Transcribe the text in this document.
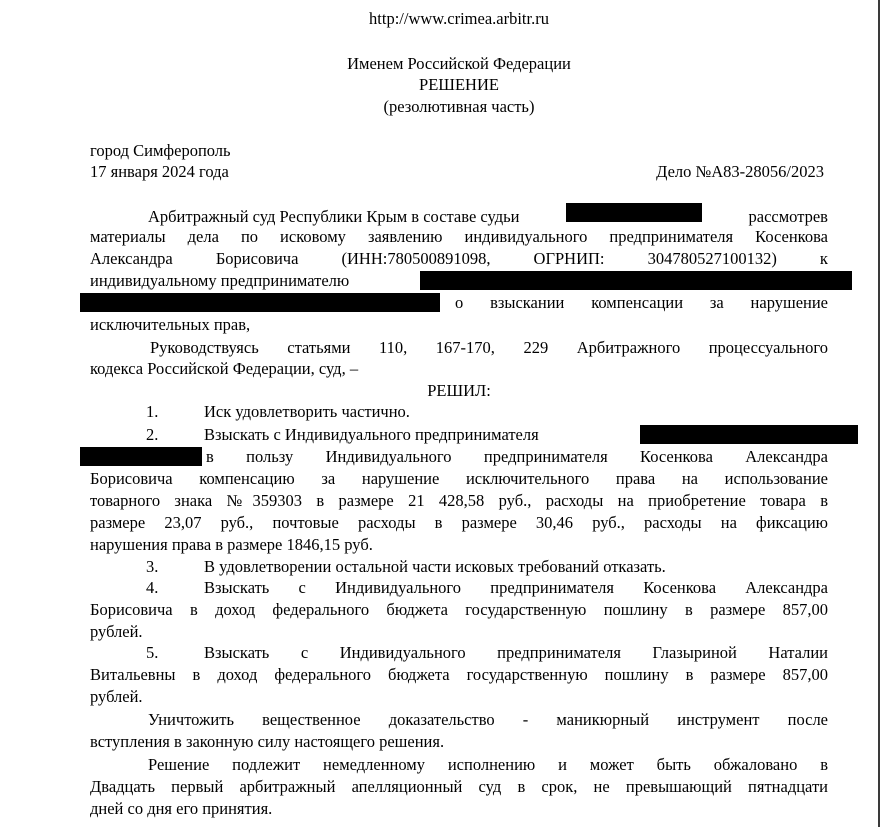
http://www.crimea.arbitr.ru
Именем Российской Федерации
РЕШЕНИЕ
(резолютивная часть)
город Симферополь
17 января 2024 года	Дело №А83-28056/2023
Арбитражный суд Республики Крым в составе судьи	рассмотрев
материалы дела по исковому заявлению индивидуального предпринимателя Косенкова
Александра	Борисовича	(ИНН:780500891098,	ОГРНИП:	304780527100132)	к
индивидуальному предпринимателю
о взыскании компенсации за нарушение
исключительных прав,
Руководствуясь статьями 110, 167-170, 229 Арбитражного процессуального
кодекса Российской Федерации, суд, –
РЕШИЛ:
1.	Иск удовлетворить частично.
2.	Взыскать с Индивидуального предпринимателя
в пользу Индивидуального предпринимателя Косенкова Александра
Борисовича компенсацию за нарушение исключительного права на использование
товарного знака №359303 в размере 21 428,58 руб., расходы на приобретение товара в
размере 23,07 руб., почтовые расходы в размере 30,46 руб., расходы на фиксацию
нарушения права в размере 1846,15 руб.
3.	В удовлетворении остальной части исковых требований отказать.
4.	Взыскать с Индивидуального предпринимателя Косенкова Александра
Борисовича в доход федерального бюджета государственную пошлину в размере 857,00
рублей.
5.	Взыскать с Индивидуального предпринимателя Глазыриной Наталии
Витальевны в доход федерального бюджета государственную пошлину в размере 857,00
рублей.
Уничтожить вещественное доказательство - маникюрный инструмент после
вступления в законную силу настоящего решения.
Решение подлежит немедленному исполнению и может быть обжаловано в
Двадцать первый арбитражный апелляционный суд в срок, не превышающий пятнадцати
дней со дня его принятия.
